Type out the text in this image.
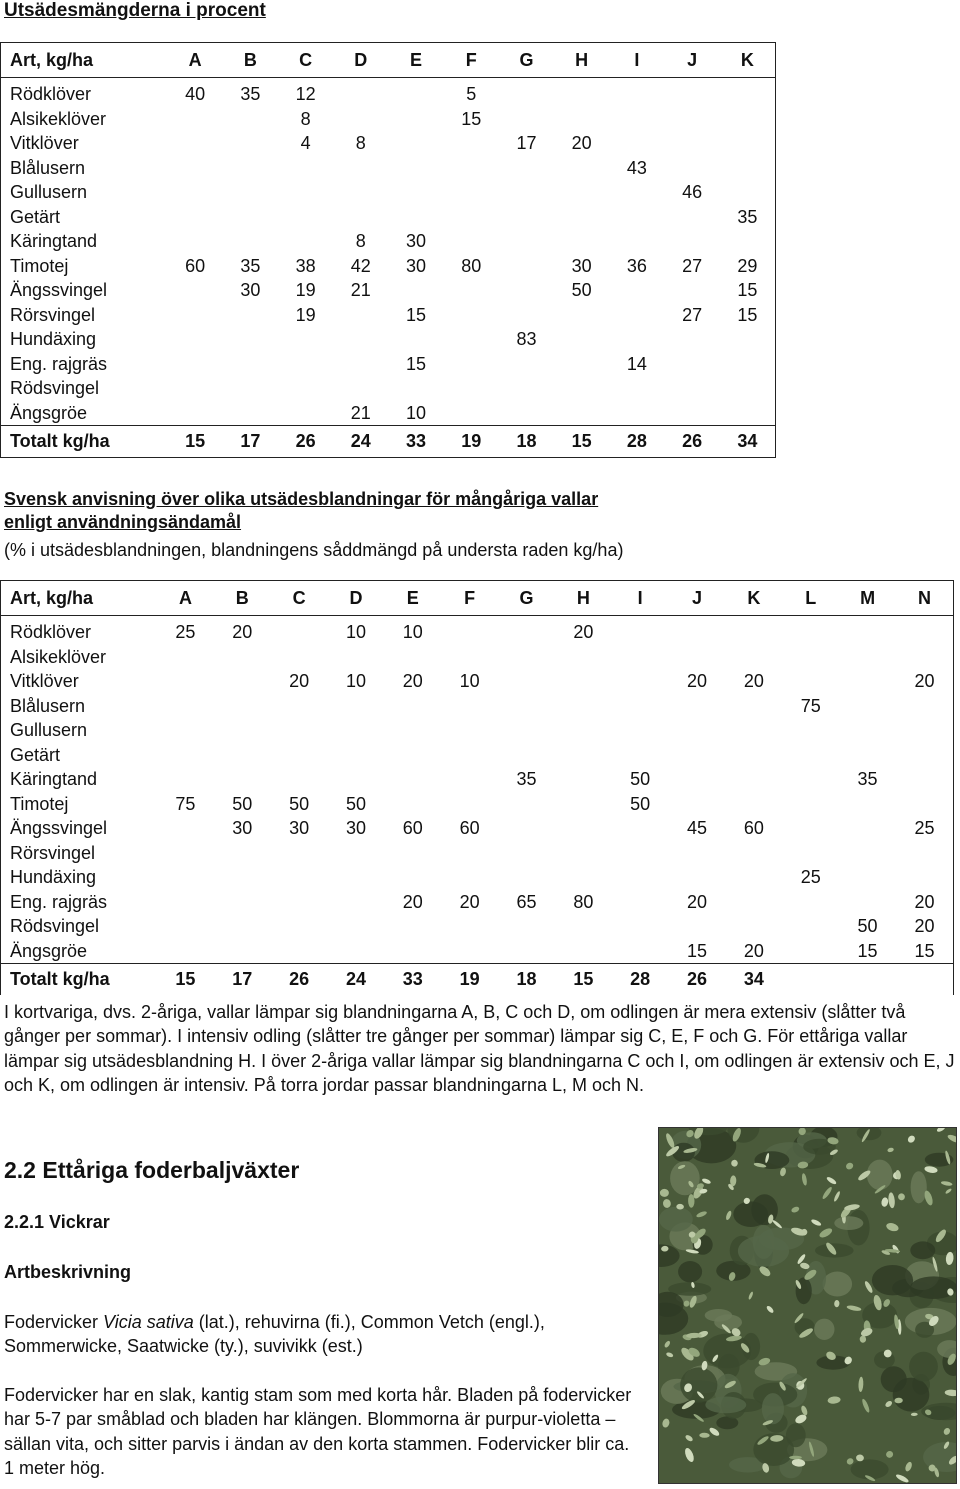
Utsädesmängderna i procent
Art, kg/ha	A	B	C	D	E	F	G	H	I	J	K
Rödklöver	40	35	12			5					
Alsikeklöver			8			15					
Vitklöver			4	8			17	20			
Blålusern									43		
Gullusern										46	
Getärt											35
Käringtand				8	30						
Timotej	60	35	38	42	30	80		30	36	27	29
Ängssvingel		30	19	21				50			15
Rörsvingel			19		15					27	15
Hundäxing							83				
Eng. rajgräs					15				14		
Rödsvingel											
Ängsgröe				21	10						
Totalt kg/ha	15	17	26	24	33	19	18	15	28	26	34
Svensk anvisning över olika utsädesblandningar för mångåriga vallar
enligt användningsändamål
(% i utsädesblandningen, blandningens såddmängd på understa raden kg/ha)
Art, kg/ha	A	B	C	D	E	F	G	H	I	J	K	L	M	N
Rödklöver	25	20		10	10			20						
Alsikeklöver														
Vitklöver			20	10	20	10				20	20			20
Blålusern												75		
Gullusern														
Getärt														
Käringtand							35		50				35	
Timotej	75	50	50	50					50					
Ängssvingel		30	30	30	60	60				45	60			25
Rörsvingel														
Hundäxing												25		
Eng. rajgräs					20	20	65	80		20				20
Rödsvingel													50	20
Ängsgröe										15	20		15	15
Totalt kg/ha	15	17	26	24	33	19	18	15	28	26	34			
I kortvariga, dvs. 2-åriga, vallar lämpar sig blandningarna A, B, C och D, om odlingen är mera extensiv (slåtter två gånger per sommar). I intensiv odling (slåtter tre gånger per sommar) lämpar sig C, E, F och G. För ettåriga vallar lämpar sig utsädesblandning H. I över 2-åriga vallar lämpar sig blandningarna C och I, om odlingen är extensiv och E, J och K, om odlingen är intensiv. På torra jordar passar blandningarna L, M och N.
2.2 Ettåriga foderbaljväxter
2.2.1 Vickrar
Artbeskrivning
Fodervicker Vicia sativa (lat.), rehuvirna (fi.), Common Vetch (engl.), Sommerwicke, Saatwicke (ty.), suvivikk (est.)
Fodervicker har en slak, kantig stam som med korta hår. Bladen på fodervicker har 5-7 par småblad och bladen har klängen. Blommorna är purpur-violetta – sällan vita, och sitter parvis i ändan av den korta stammen. Fodervicker blir ca. 1 meter hög.
